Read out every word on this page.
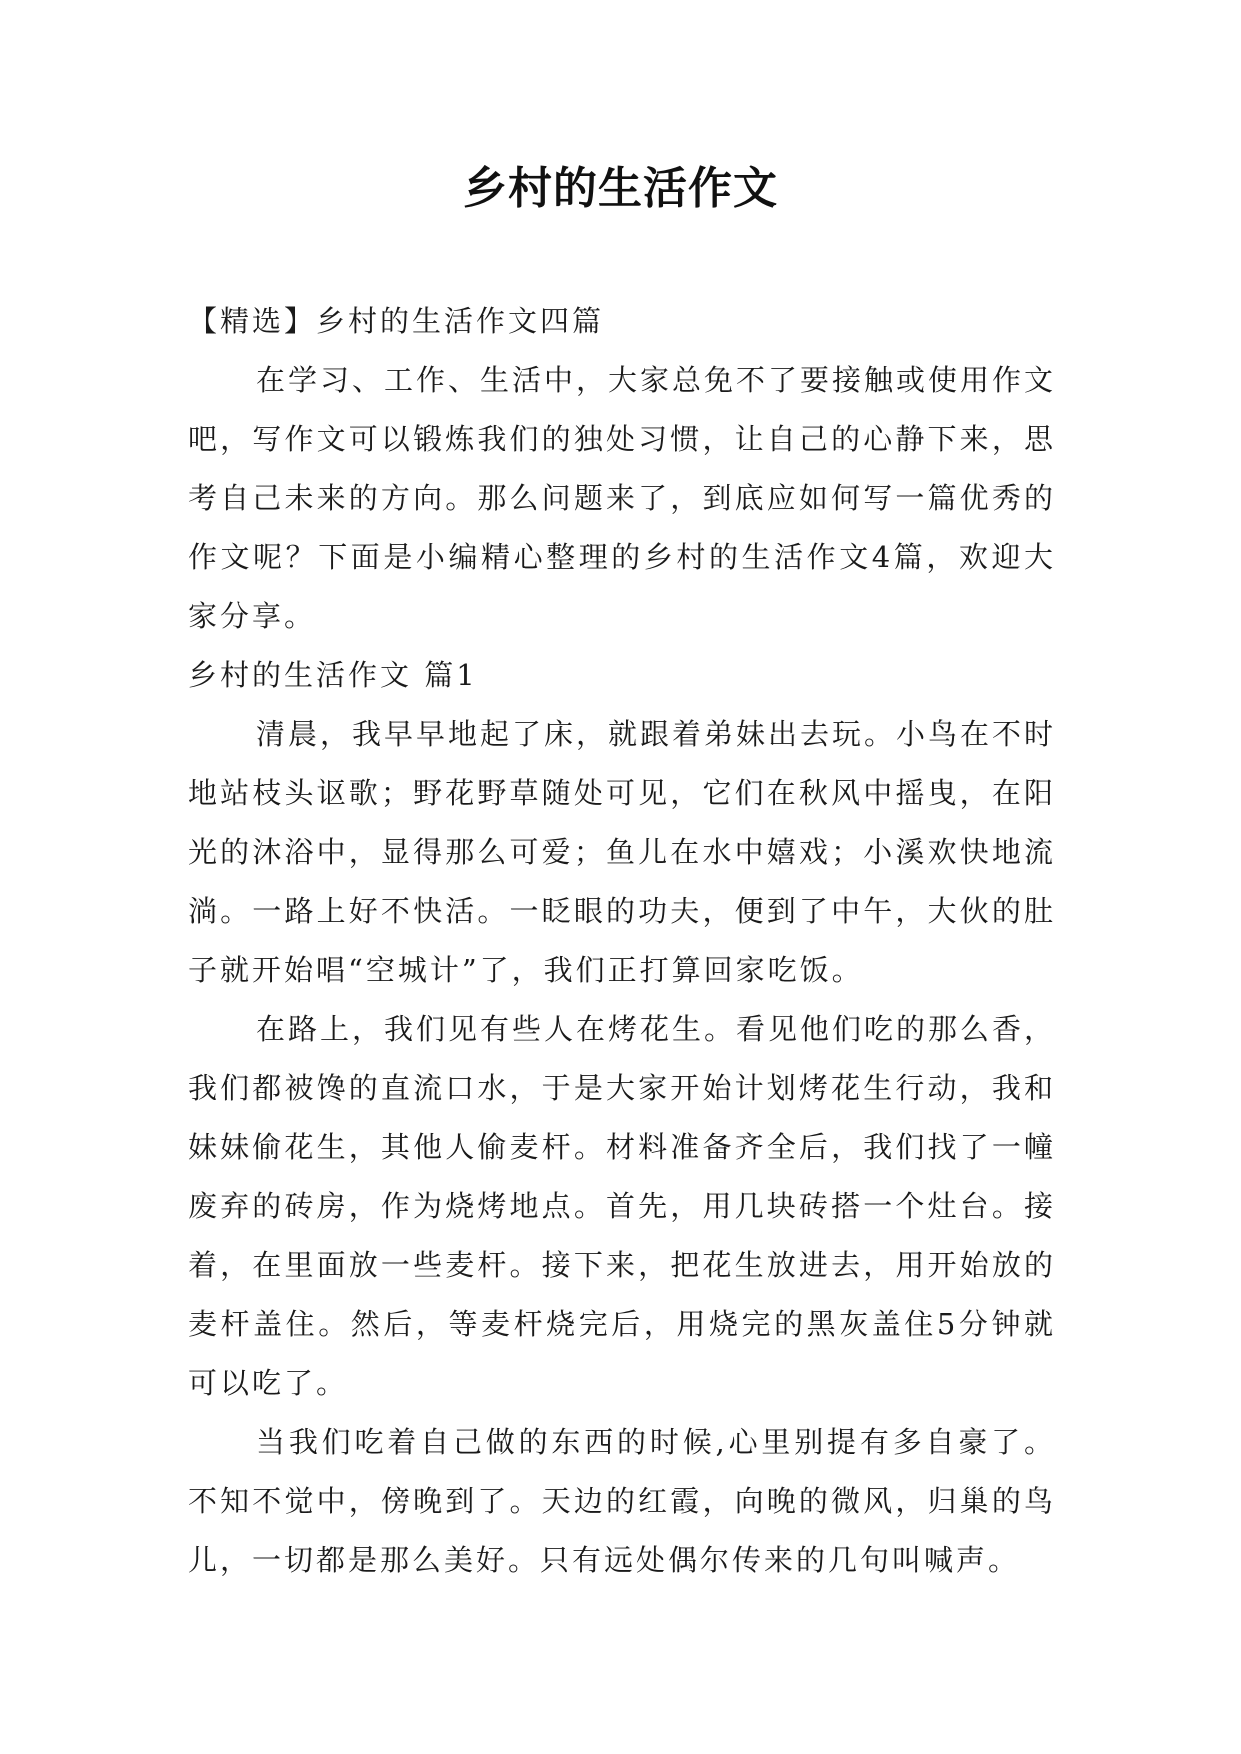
乡村的生活作文

【精选】乡村的生活作文四篇

在学习、工作、生活中，大家总免不了要接触或使用作文吧，写作文可以锻炼我们的独处习惯，让自己的心静下来，思考自己未来的方向。那么问题来了，到底应如何写一篇优秀的作文呢？下面是小编精心整理的乡村的生活作文4篇，欢迎大家分享。

乡村的生活作文 篇1

清晨，我早早地起了床，就跟着弟妹出去玩。小鸟在不时地站枝头讴歌；野花野草随处可见，它们在秋风中摇曳，在阳光的沐浴中，显得那么可爱；鱼儿在水中嬉戏；小溪欢快地流淌。一路上好不快活。一眨眼的功夫，便到了中午，大伙的肚子就开始唱“空城计”了，我们正打算回家吃饭。

在路上，我们见有些人在烤花生。看见他们吃的那么香，我们都被馋的直流口水，于是大家开始计划烤花生行动，我和妹妹偷花生，其他人偷麦杆。材料准备齐全后，我们找了一幢废弃的砖房，作为烧烤地点。首先，用几块砖搭一个灶台。接着，在里面放一些麦杆。接下来，把花生放进去，用开始放的麦杆盖住。然后，等麦杆烧完后，用烧完的黑灰盖住5分钟就可以吃了。

当我们吃着自己做的东西的时候,心里别提有多自豪了。不知不觉中，傍晚到了。天边的红霞，向晚的微风，归巢的鸟儿，一切都是那么美好。只有远处偶尔传来的几句叫喊声。
